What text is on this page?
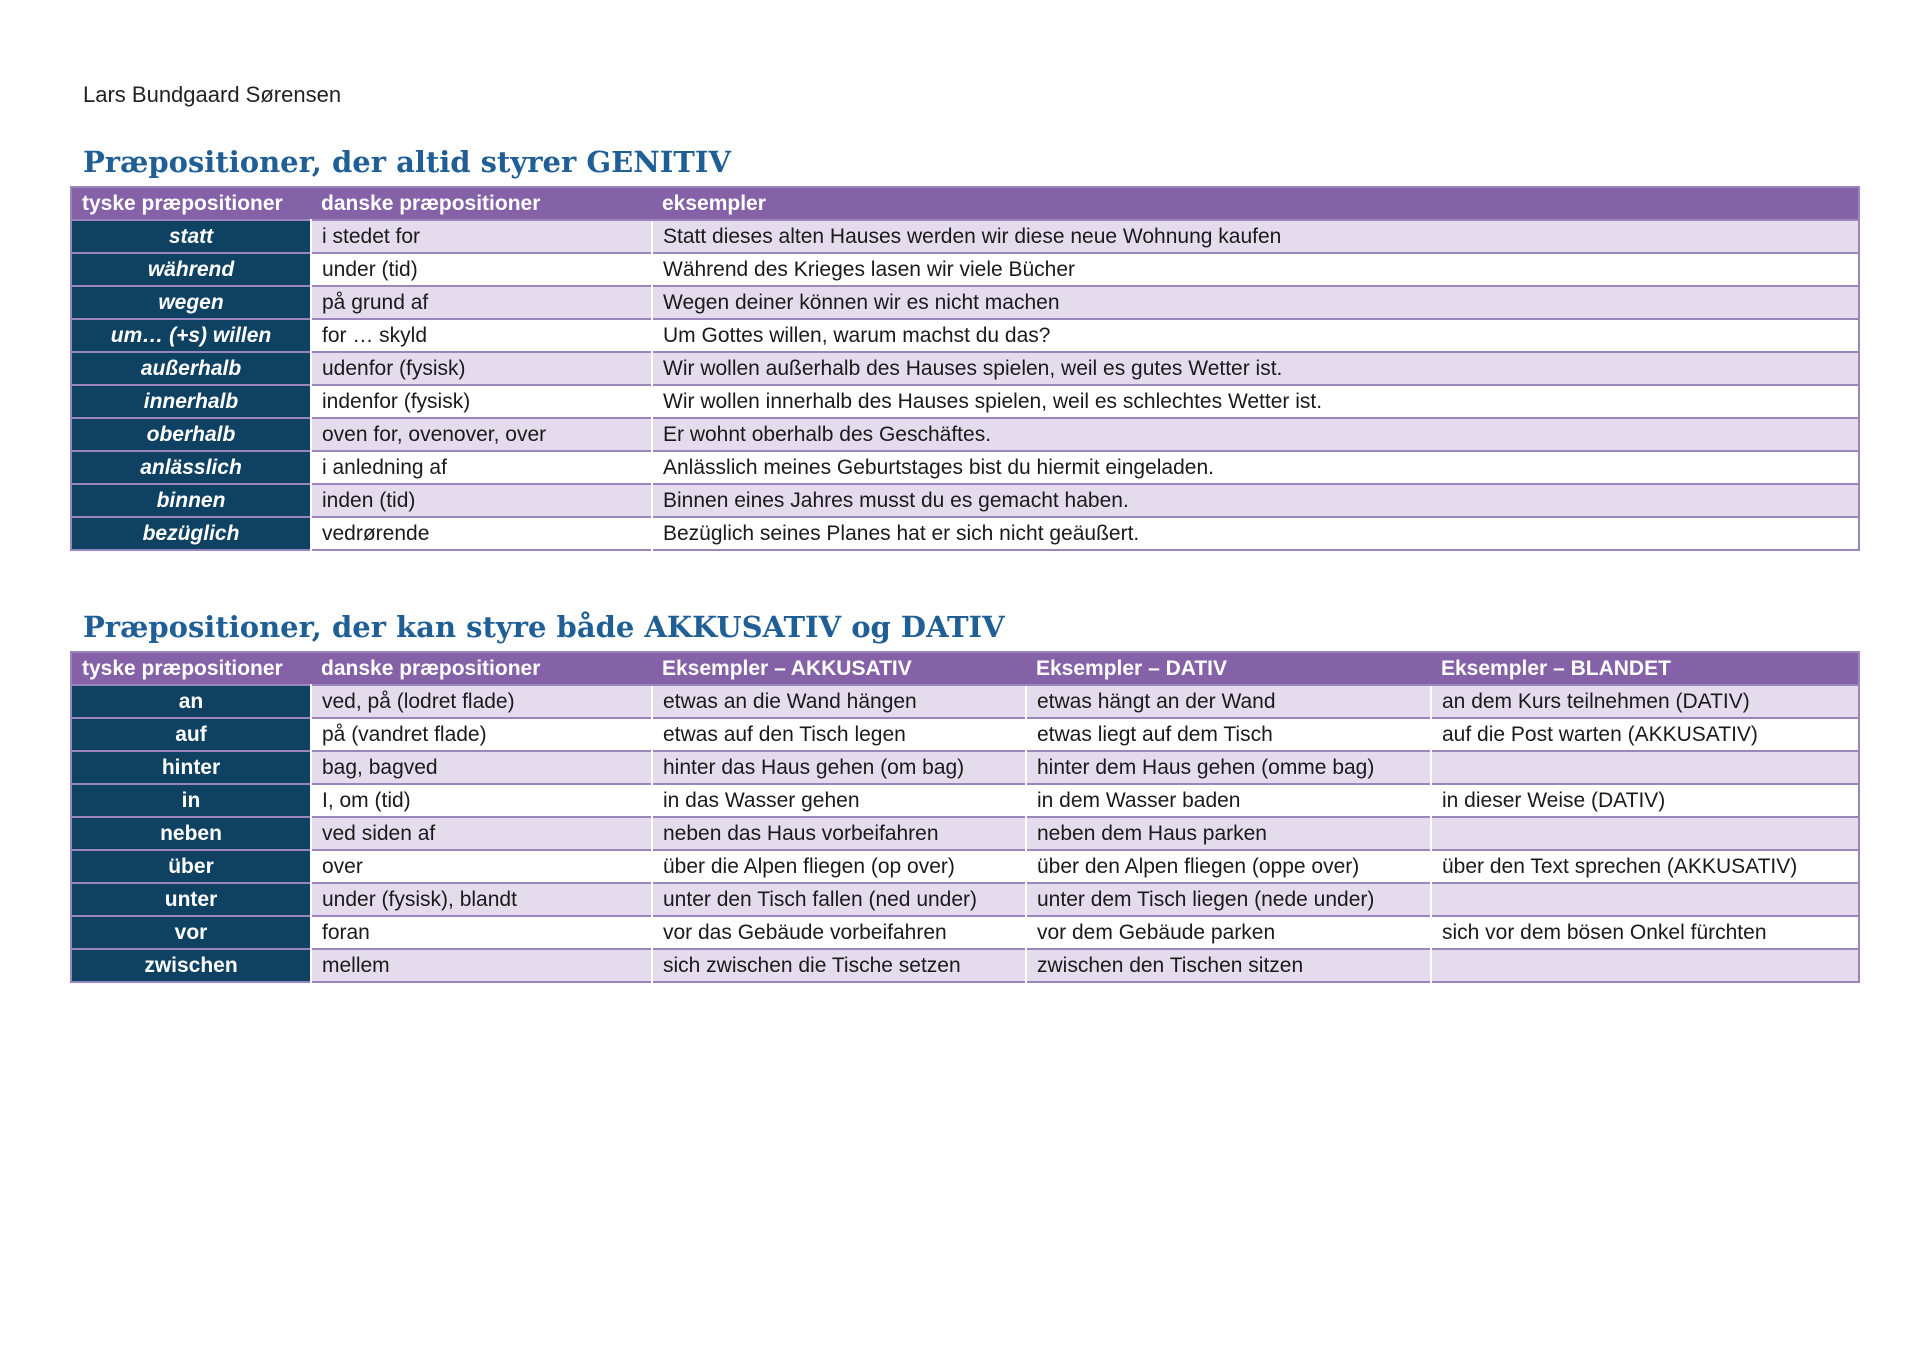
Lars Bundgaard Sørensen
Præpositioner, der altid styrer GENITIV
tyske præpositioner	danske præpositioner	eksempler
statt	i stedet for	Statt dieses alten Hauses werden wir diese neue Wohnung kaufen
während	under (tid)	Während des Krieges lasen wir viele Bücher
wegen	på grund af	Wegen deiner können wir es nicht machen
um… (+s) willen	for … skyld	Um Gottes willen, warum machst du das?
außerhalb	udenfor (fysisk)	Wir wollen außerhalb des Hauses spielen, weil es gutes Wetter ist.
innerhalb	indenfor (fysisk)	Wir wollen innerhalb des Hauses spielen, weil es schlechtes Wetter ist.
oberhalb	oven for, ovenover, over	Er wohnt oberhalb des Geschäftes.
anlässlich	i anledning af	Anlässlich meines Geburtstages bist du hiermit eingeladen.
binnen	inden (tid)	Binnen eines Jahres musst du es gemacht haben.
bezüglich	vedrørende	Bezüglich seines Planes hat er sich nicht geäußert.
Præpositioner, der kan styre både AKKUSATIV og DATIV
tyske præpositioner	danske præpositioner	Eksempler – AKKUSATIV	Eksempler – DATIV	Eksempler – BLANDET
an	ved, på (lodret flade)	etwas an die Wand hängen	etwas hängt an der Wand	an dem Kurs teilnehmen (DATIV)
auf	på (vandret flade)	etwas auf den Tisch legen	etwas liegt auf dem Tisch	auf die Post warten (AKKUSATIV)
hinter	bag, bagved	hinter das Haus gehen (om bag)	hinter dem Haus gehen (omme bag)	
in	I, om (tid)	in das Wasser gehen	in dem Wasser baden	in dieser Weise (DATIV)
neben	ved siden af	neben das Haus vorbeifahren	neben dem Haus parken	
über	over	über die Alpen fliegen (op over)	über den Alpen fliegen (oppe over)	über den Text sprechen (AKKUSATIV)
unter	under (fysisk), blandt	unter den Tisch fallen (ned under)	unter dem Tisch liegen (nede under)	
vor	foran	vor das Gebäude vorbeifahren	vor dem Gebäude parken	sich vor dem bösen Onkel fürchten
zwischen	mellem	sich zwischen die Tische setzen	zwischen den Tischen sitzen	
